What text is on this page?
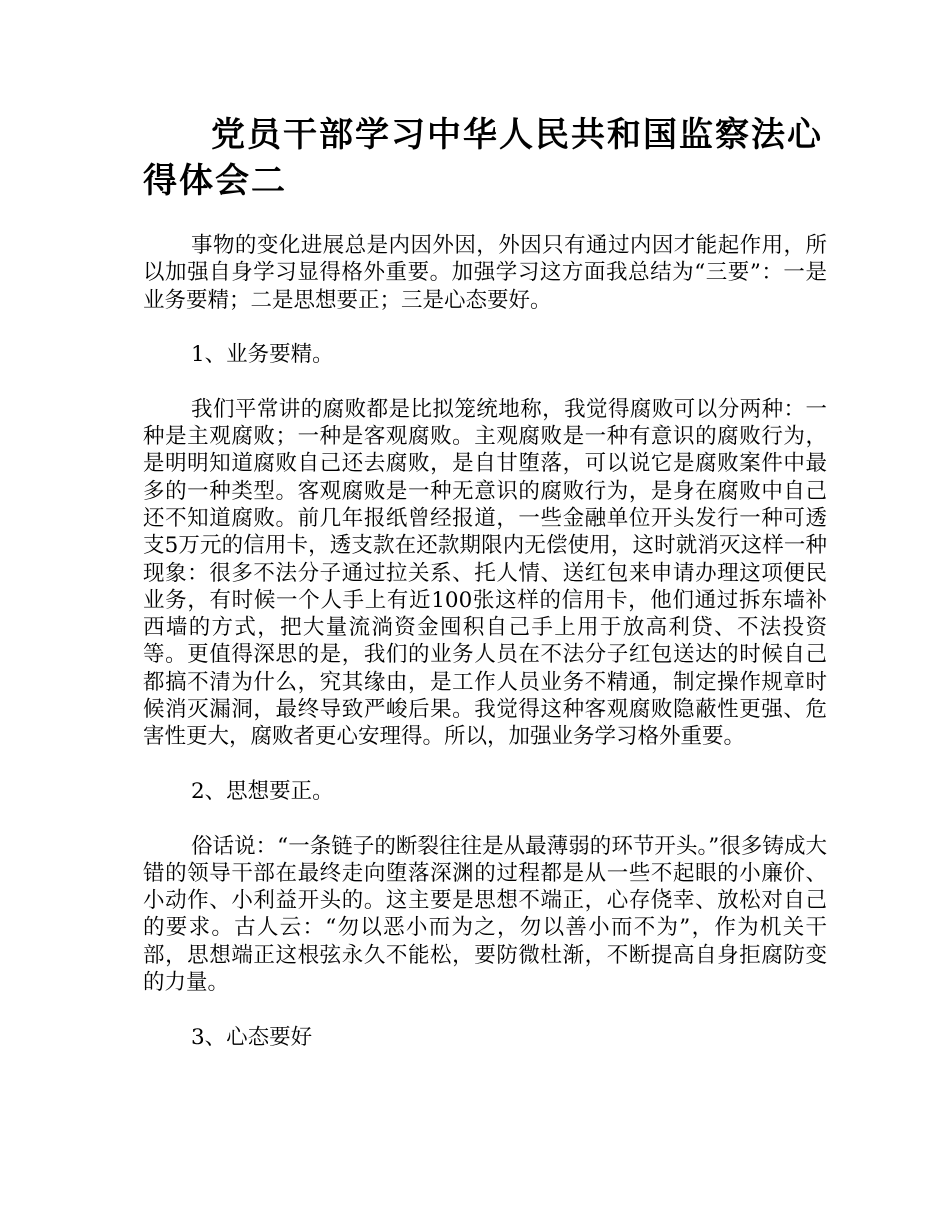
党员干部学习中华人民共和国监察法心得体会二

事物的变化进展总是内因外因，外因只有通过内因才能起作用，所以加强自身学习显得格外重要。加强学习这方面我总结为“三要”：一是业务要精；二是思想要正；三是心态要好。

1、业务要精。

我们平常讲的腐败都是比拟笼统地称，我觉得腐败可以分两种：一种是主观腐败；一种是客观腐败。主观腐败是一种有意识的腐败行为，是明明知道腐败自己还去腐败，是自甘堕落，可以说它是腐败案件中最多的一种类型。客观腐败是一种无意识的腐败行为，是身在腐败中自己还不知道腐败。前几年报纸曾经报道，一些金融单位开头发行一种可透支5万元的信用卡，透支款在还款期限内无偿使用，这时就消灭这样一种现象：很多不法分子通过拉关系、托人情、送红包来申请办理这项便民业务，有时候一个人手上有近100张这样的信用卡，他们通过拆东墙补西墙的方式，把大量流淌资金囤积自己手上用于放高利贷、不法投资等。更值得深思的是，我们的业务人员在不法分子红包送达的时候自己都搞不清为什么，究其缘由，是工作人员业务不精通，制定操作规章时候消灭漏洞，最终导致严峻后果。我觉得这种客观腐败隐蔽性更强、危害性更大，腐败者更心安理得。所以，加强业务学习格外重要。

2、思想要正。

俗话说：“一条链子的断裂往往是从最薄弱的环节开头。”很多铸成大错的领导干部在最终走向堕落深渊的过程都是从一些不起眼的小廉价、小动作、小利益开头的。这主要是思想不端正，心存侥幸、放松对自己的要求。古人云：“勿以恶小而为之，勿以善小而不为”，作为机关干部，思想端正这根弦永久不能松，要防微杜渐，不断提高自身拒腐防变的力量。

3、心态要好
